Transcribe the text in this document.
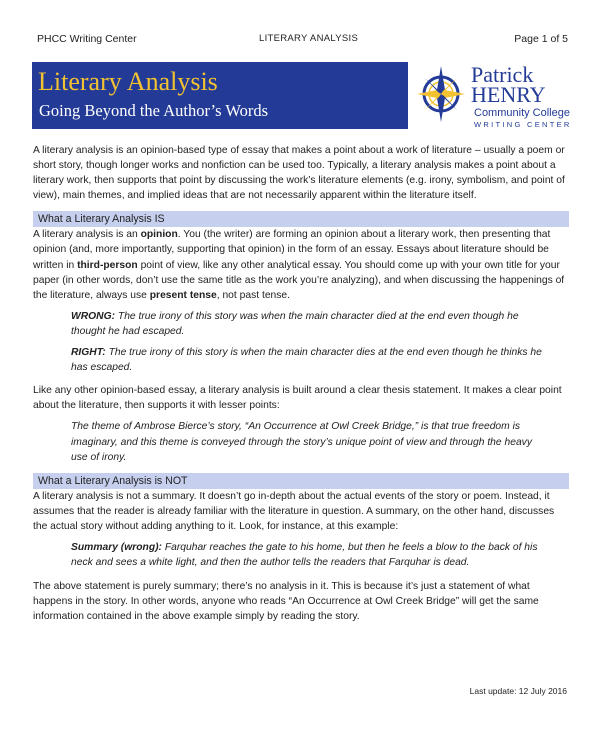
PHCC Writing Center	LITERARY ANALYSIS	Page 1 of 5
Literary Analysis
Going Beyond the Author’s Words
Patrick
HENRY
Community College
WRITING CENTER

A literary analysis is an opinion-based type of essay that makes a point about a work of literature – usually a poem or short story, though longer works and nonfiction can be used too. Typically, a literary analysis makes a point about a literary work, then supports that point by discussing the work’s literature elements (e.g. irony, symbolism, and point of view), main themes, and implied ideas that are not necessarily apparent within the literature itself.

What a Literary Analysis IS

A literary analysis is an opinion. You (the writer) are forming an opinion about a literary work, then presenting that opinion (and, more importantly, supporting that opinion) in the form of an essay. Essays about literature should be written in third-person point of view, like any other analytical essay. You should come up with your own title for your paper (in other words, don’t use the same title as the work you’re analyzing), and when discussing the happenings of the literature, always use present tense, not past tense.

WRONG: The true irony of this story was when the main character died at the end even though he thought he had escaped.

RIGHT: The true irony of this story is when the main character dies at the end even though he thinks he has escaped.

Like any other opinion-based essay, a literary analysis is built around a clear thesis statement. It makes a clear point about the literature, then supports it with lesser points:

The theme of Ambrose Bierce’s story, “An Occurrence at Owl Creek Bridge,” is that true freedom is imaginary, and this theme is conveyed through the story’s unique point of view and through the heavy use of irony.

What a Literary Analysis is NOT

A literary analysis is not a summary. It doesn’t go in-depth about the actual events of the story or poem. Instead, it assumes that the reader is already familiar with the literature in question. A summary, on the other hand, discusses the actual story without adding anything to it. Look, for instance, at this example:

Summary (wrong): Farquhar reaches the gate to his home, but then he feels a blow to the back of his neck and sees a white light, and then the author tells the readers that Farquhar is dead.

The above statement is purely summary; there’s no analysis in it. This is because it’s just a statement of what happens in the story. In other words, anyone who reads “An Occurrence at Owl Creek Bridge” will get the same information contained in the above example simply by reading the story.

Last update: 12 July 2016
